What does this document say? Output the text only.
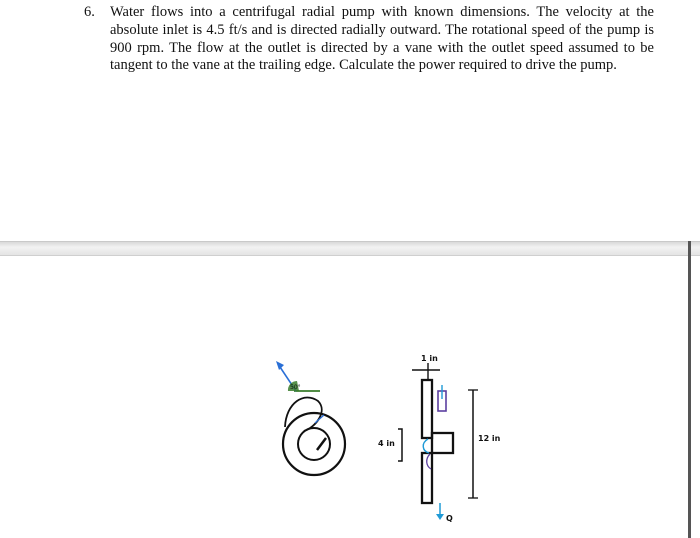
6. Water flows into a centrifugal radial pump with known dimensions. The velocity at the absolute inlet is 4.5 ft/s and is directed radially outward. The rotational speed of the pump is 900 rpm. The flow at the outlet is directed by a vane with the outlet speed assumed to be tangent to the vane at the trailing edge. Calculate the power required to drive the pump.
50°
1 in
Q
4 in
12 in
